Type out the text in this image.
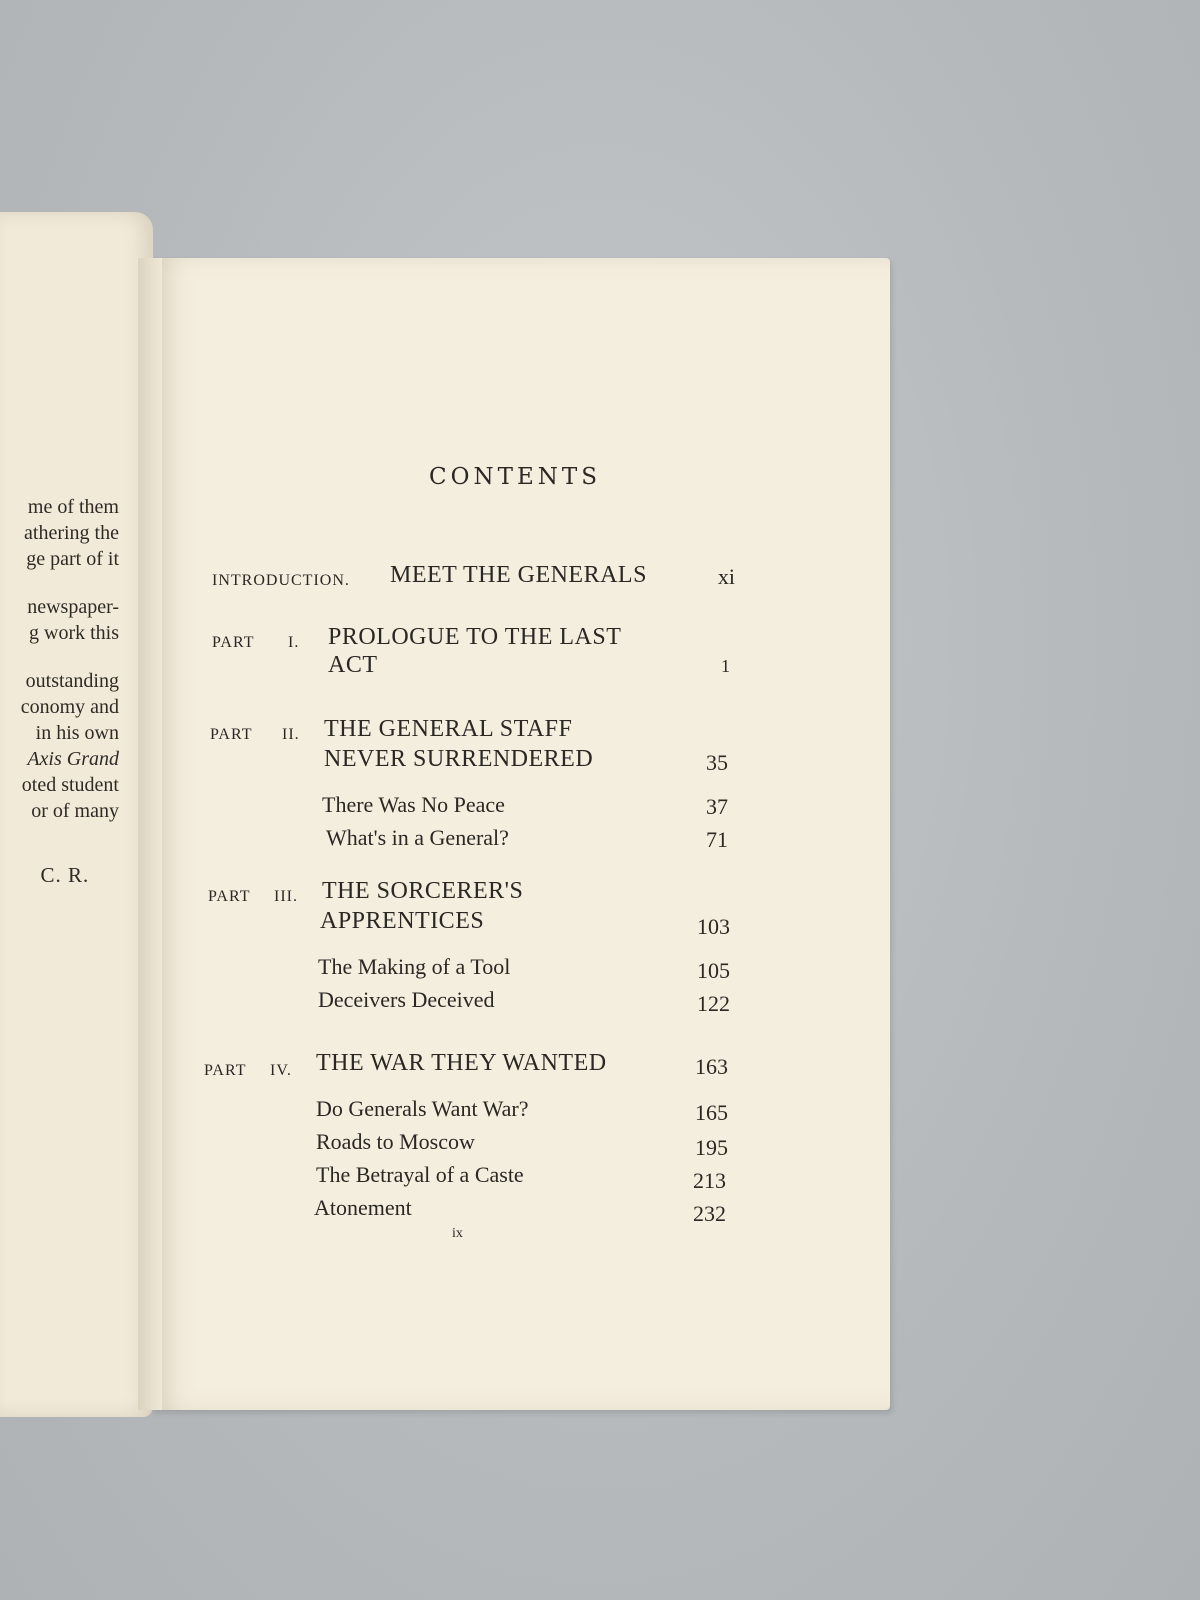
me of them
athering the
ge part of it
newspaper-
g work this
outstanding
conomy and
in his own
Axis Grand
oted student
or of many
C. R.
CONTENTS
INTRODUCTION. MEET THE GENERALS	xi
PART I. PROLOGUE TO THE LAST
ACT	1
PART II. THE GENERAL STAFF
NEVER SURRENDERED	35
There Was No Peace	37
What's in a General?	71
PART III. THE SORCERER'S
APPRENTICES	103
The Making of a Tool	105
Deceivers Deceived	122
PART IV. THE WAR THEY WANTED	163
Do Generals Want War?	165
Roads to Moscow	195
The Betrayal of a Caste	213
Atonement	232
ix
